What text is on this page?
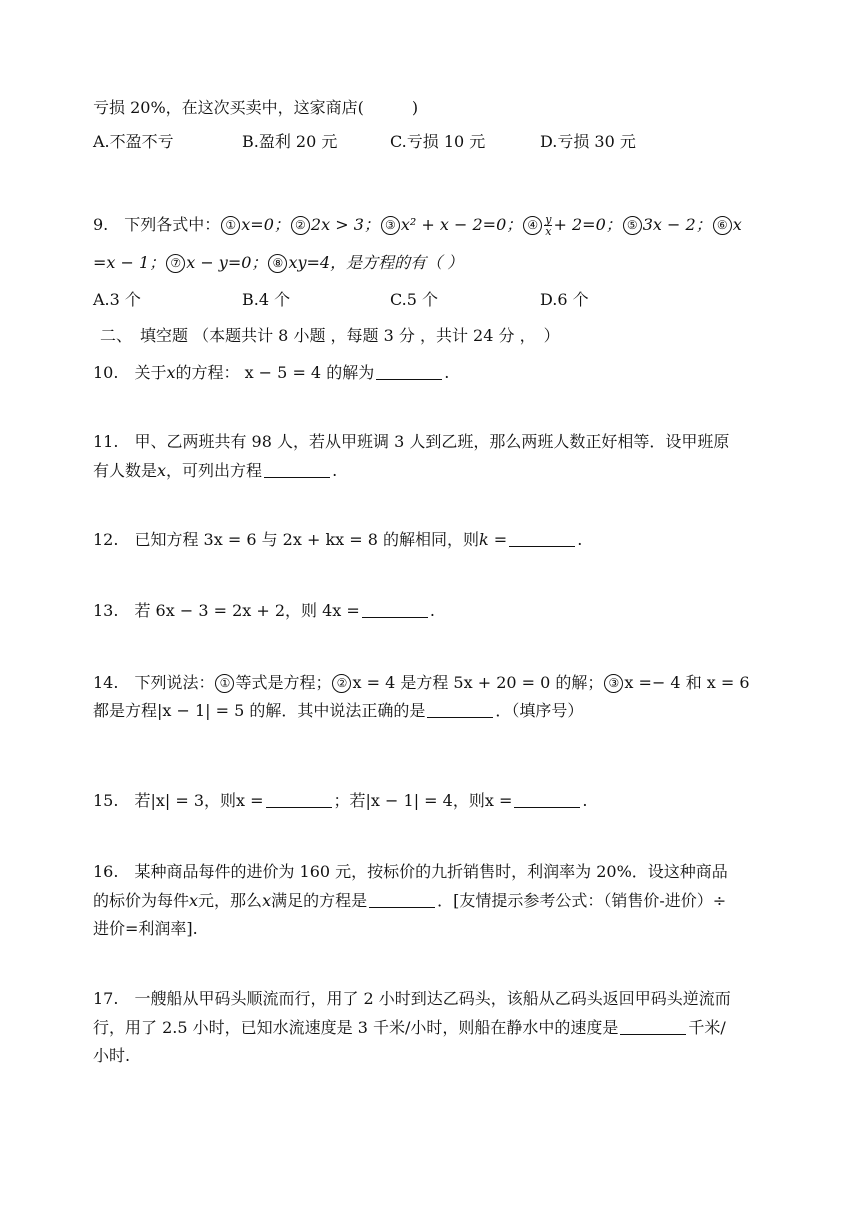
亏损 20%，在这次买卖中，这家商店(　　　)
A.不盈不亏	B.盈利 20 元	C.亏损 10 元	D.亏损 30 元
9.　下列各式中： ① x=0； ② 2x > 3； ③ x² + x − 2=0； ④ $\frac{y}{x} + 2=0$； ⑤ 3x − 2； ⑥ x
=x − 1； ⑦ x − y=0； ⑧ xy=4，是方程的有（ ）
A.3 个	B.4 个	C.5 个	D.6 个
二、　填空题 （本题共计 8 小题 ，每题 3 分 ，共计 24 分 ，　）
10.　关于x的方程： x − 5 = 4 的解为	.
11.　甲、乙两班共有 98 人，若从甲班调 3 人到乙班，那么两班人数正好相等．设甲班原
有人数是x，可列出方程	.
12.　已知方程 3x = 6 与 2x + kx = 8 的解相同，则k =	.
13.　若 6x − 3 = 2x + 2，则 4x =	.
14.　下列说法： ① 等式是方程； ② x = 4 是方程 5x + 20 = 0 的解； ③ x =− 4 和 x = 6
都是方程|x − 1| = 5 的解．其中说法正确的是	．（填序号）
15.　若|x| = 3，则x =	；若|x − 1| = 4，则x =	.
16.　某种商品每件的进价为 160 元，按标价的九折销售时，利润率为 20%．设这种商品
的标价为每件x元，那么x满足的方程是	．[友情提示参考公式：（销售价-进价）÷
进价=利润率].
17.　一艘船从甲码头顺流而行，用了 2 小时到达乙码头，该船从乙码头返回甲码头逆流而
行，用了 2.5 小时，已知水流速度是 3 千米/小时，则船在静水中的速度是	千米/
小时.
